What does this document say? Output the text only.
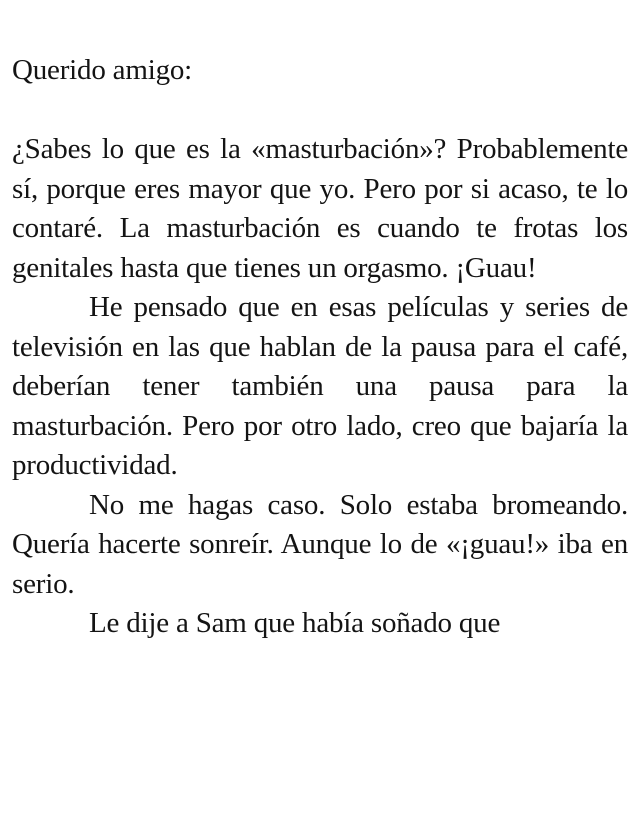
Querido amigo:

¿Sabes lo que es la «masturbación»? Probablemente sí, porque eres mayor que yo. Pero por si acaso, te lo contaré. La masturbación es cuando te frotas los genitales hasta que tienes un orgasmo. ¡Guau!

He pensado que en esas películas y series de televisión en las que hablan de la pausa para el café, deberían tener también una pausa para la masturbación. Pero por otro lado, creo que bajaría la productividad.

No me hagas caso. Solo estaba bromeando. Quería hacerte sonreír. Aunque lo de «¡guau!» iba en serio.

Le dije a Sam que había soñado que
